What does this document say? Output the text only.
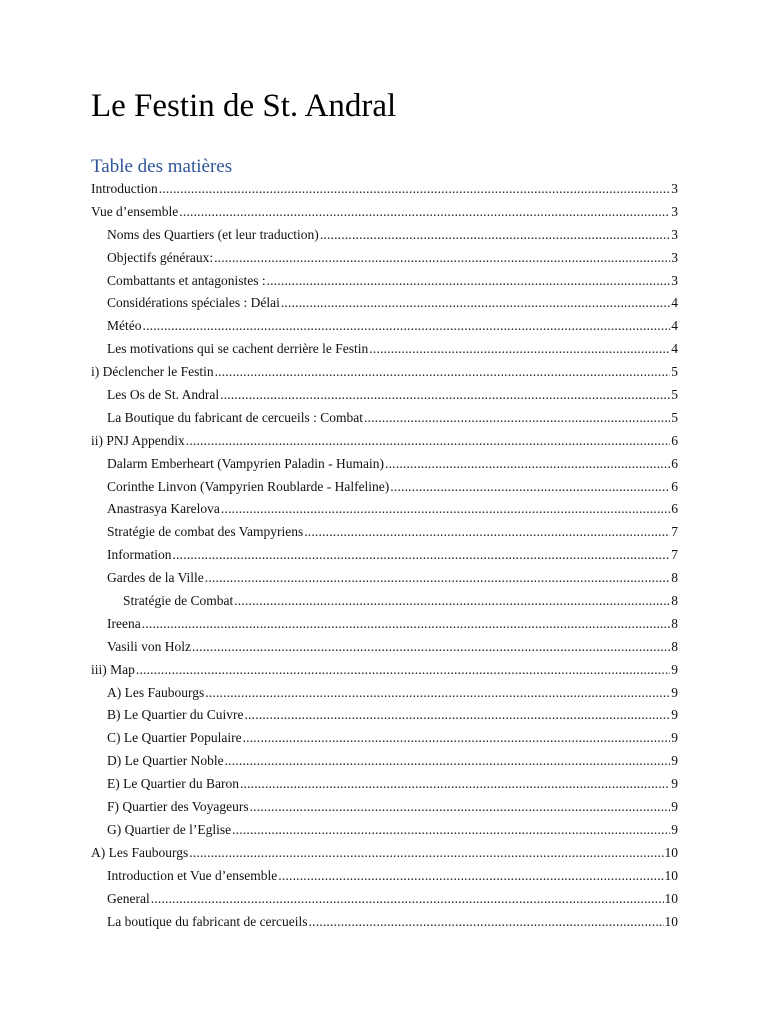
Le Festin de St. Andral
Table des matières
Introduction .....	3
Vue d’ensemble .....	3
Noms des Quartiers (et leur traduction) .....	3
Objectifs généraux: .....	3
Combattants et antagonistes : .....	3
Considérations spéciales : Délai .....	4
Météo .....	4
Les motivations qui se cachent derrière le Festin .....	4
i) Déclencher le Festin .....	5
Les Os de St. Andral .....	5
La Boutique du fabricant de cercueils : Combat .....	5
ii) PNJ Appendix .....	6
Dalarm Emberheart (Vampyrien Paladin - Humain) .....	6
Corinthe Linvon (Vampyrien Roublarde - Halfeline) .....	6
Anastrasya Karelova .....	6
Stratégie de combat des Vampyriens .....	7
Information .....	7
Gardes de la Ville .....	8
Stratégie de Combat .....	8
Ireena .....	8
Vasili von Holz .....	8
iii) Map .....	9
A) Les Faubourgs .....	9
B) Le Quartier du Cuivre .....	9
C) Le Quartier Populaire .....	9
D) Le Quartier Noble .....	9
E) Le Quartier du Baron .....	9
F) Quartier des Voyageurs .....	9
G) Quartier de l’Eglise .....	9
A) Les Faubourgs .....	10
Introduction et Vue d’ensemble .....	10
General .....	10
La boutique du fabricant de cercueils .....	10
